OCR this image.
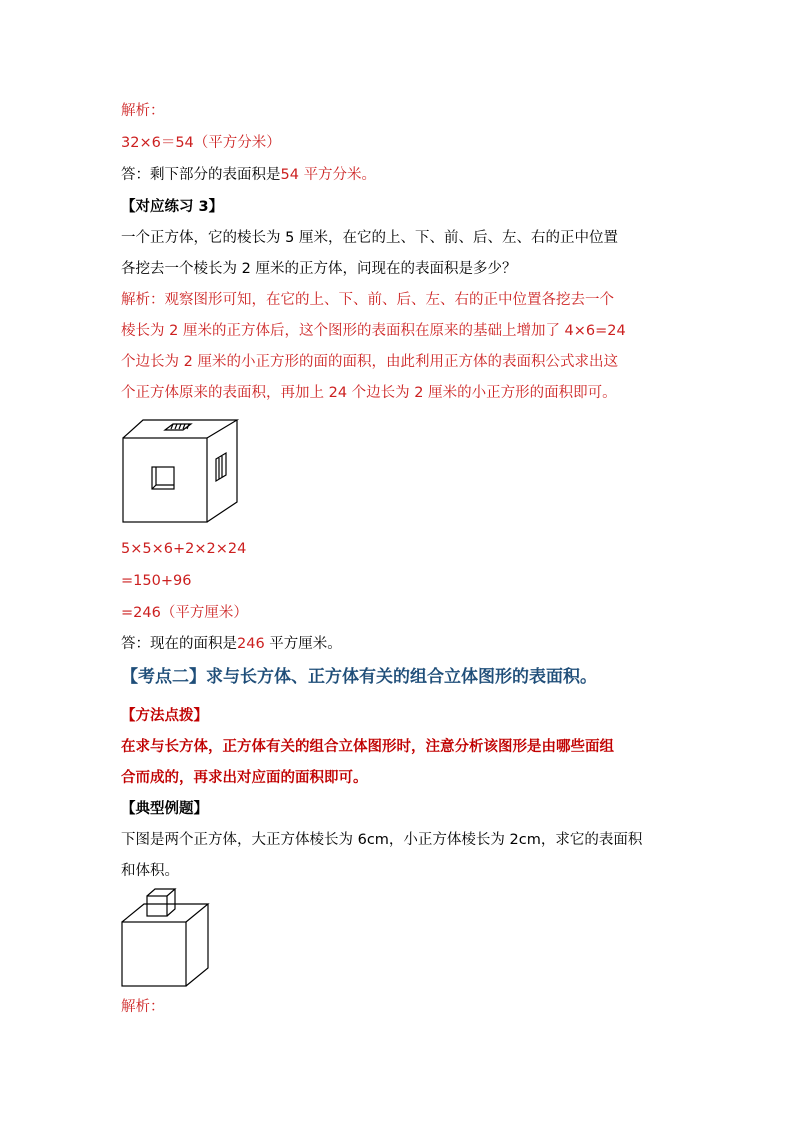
解析：
32×6＝54（平方分米）
答：剩下部分的表面积是54 平方分米。
【对应练习 3】
一个正方体，它的棱长为 5 厘米，在它的上、下、前、后、左、右的正中位置
各挖去一个棱长为 2 厘米的正方体，问现在的表面积是多少？
解析：观察图形可知，在它的上、下、前、后、左、右的正中位置各挖去一个
棱长为 2 厘米的正方体后，这个图形的表面积在原来的基础上增加了 4×6=24
个边长为 2 厘米的小正方形的面的面积，由此利用正方体的表面积公式求出这
个正方体原来的表面积，再加上 24 个边长为 2 厘米的小正方形的面积即可。
5×5×6+2×2×24
=150+96
=246（平方厘米）
答：现在的面积是246 平方厘米。
【考点二】求与长方体、正方体有关的组合立体图形的表面积。
【方法点拨】
在求与长方体，正方体有关的组合立体图形时，注意分析该图形是由哪些面组
合而成的，再求出对应面的面积即可。
【典型例题】
下图是两个正方体，大正方体棱长为 6cm，小正方体棱长为 2cm，求它的表面积
和体积。
解析：
